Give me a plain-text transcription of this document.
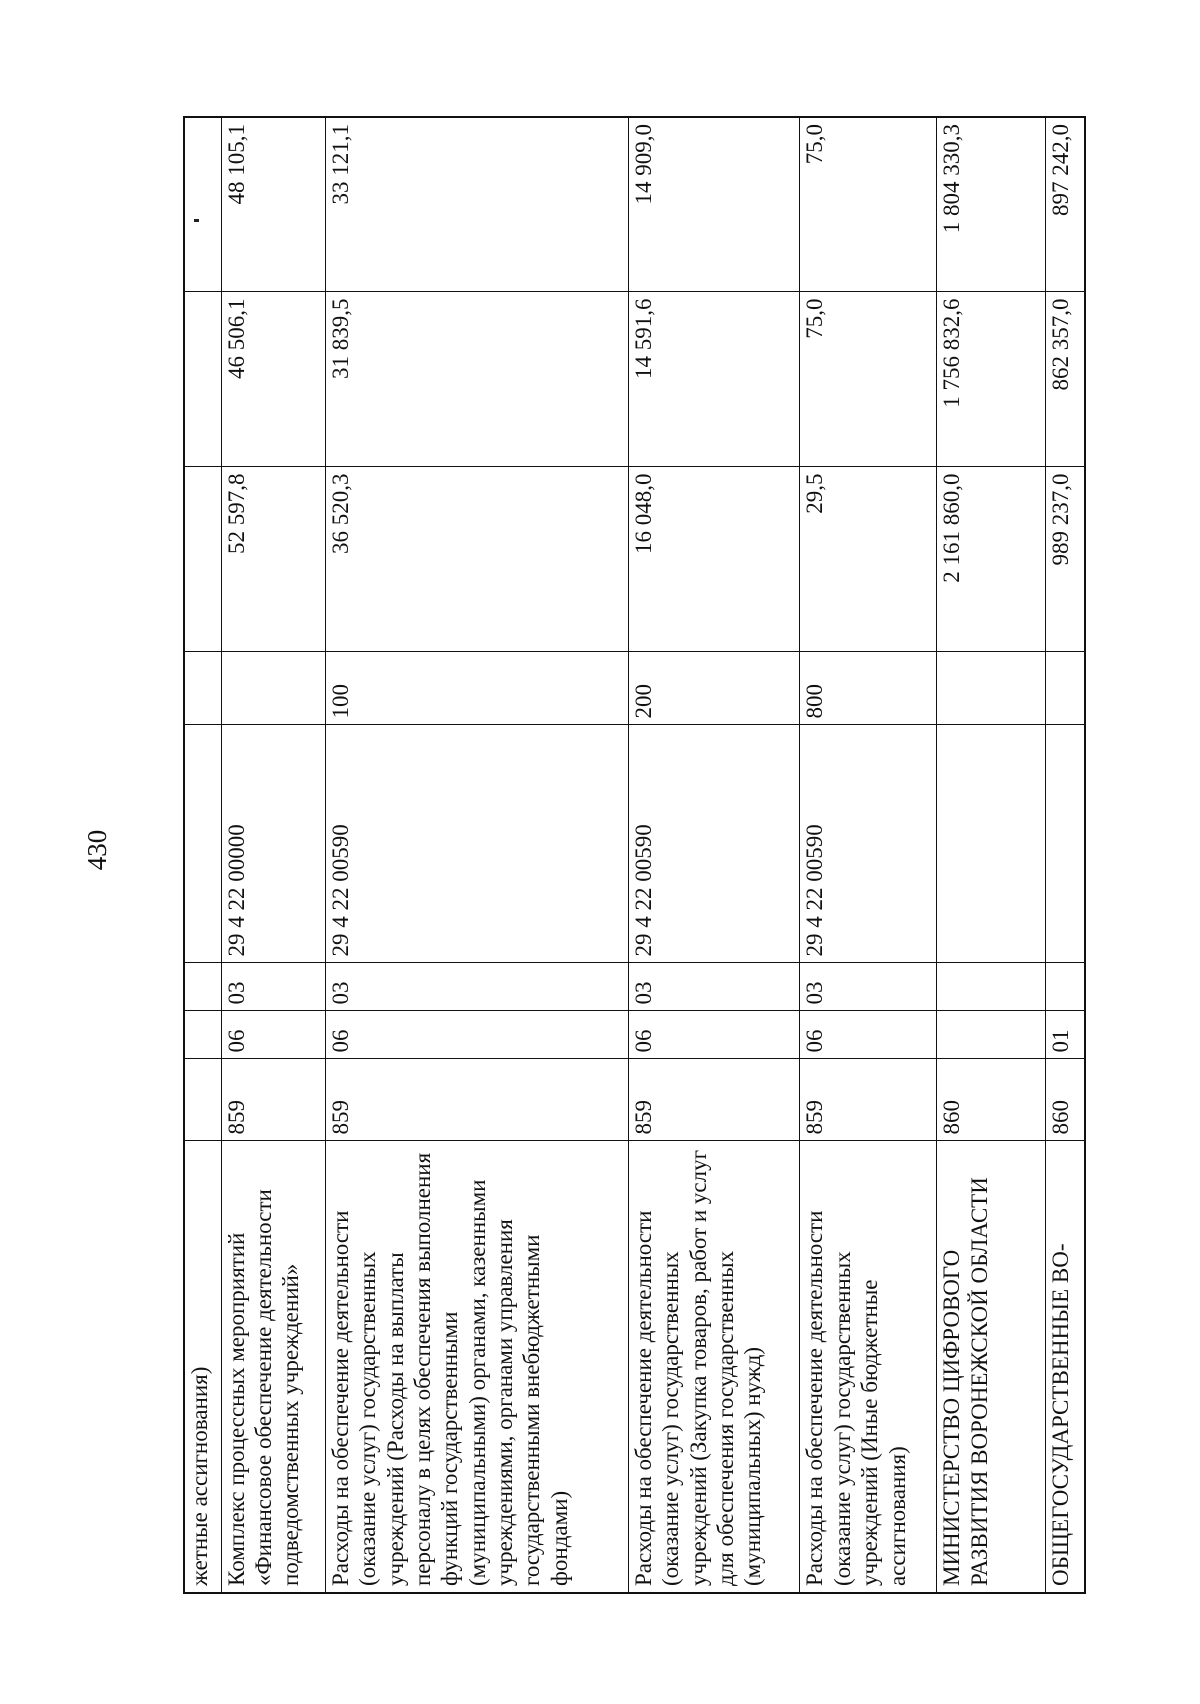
430
жетные ассигнования)								
Комплекс процессных мероприятий «Финансовое обеспечение деятельности подведомственных учреждений»	859	06	03	29 4 22 00000		52 597,8	46 506,1	48 105,1
Расходы на обеспечение деятельности (оказание услуг) государственных учреждений (Расходы на выплаты персоналу в целях обеспечения выполнения функций государственными (муниципальными) органами, казенными учреждениями, органами управления государственными внебюджетными фондами)	859	06	03	29 4 22 00590	100	36 520,3	31 839,5	33 121,1
Расходы на обеспечение деятельности (оказание услуг) государственных учреждений (Закупка товаров, работ и услуг для обеспечения государственных (муниципальных) нужд)	859	06	03	29 4 22 00590	200	16 048,0	14 591,6	14 909,0
Расходы на обеспечение деятельности (оказание услуг) государственных учреждений (Иные бюджетные ассигнования)	859	06	03	29 4 22 00590	800	29,5	75,0	75,0
МИНИСТЕРСТВО ЦИФРОВОГО РАЗВИТИЯ ВОРОНЕЖСКОЙ ОБЛАСТИ	860					2 161 860,0	1 756 832,6	1 804 330,3
ОБЩЕГОСУДАРСТВЕННЫЕ ВО-	860	01				989 237,0	862 357,0	897 242,0
